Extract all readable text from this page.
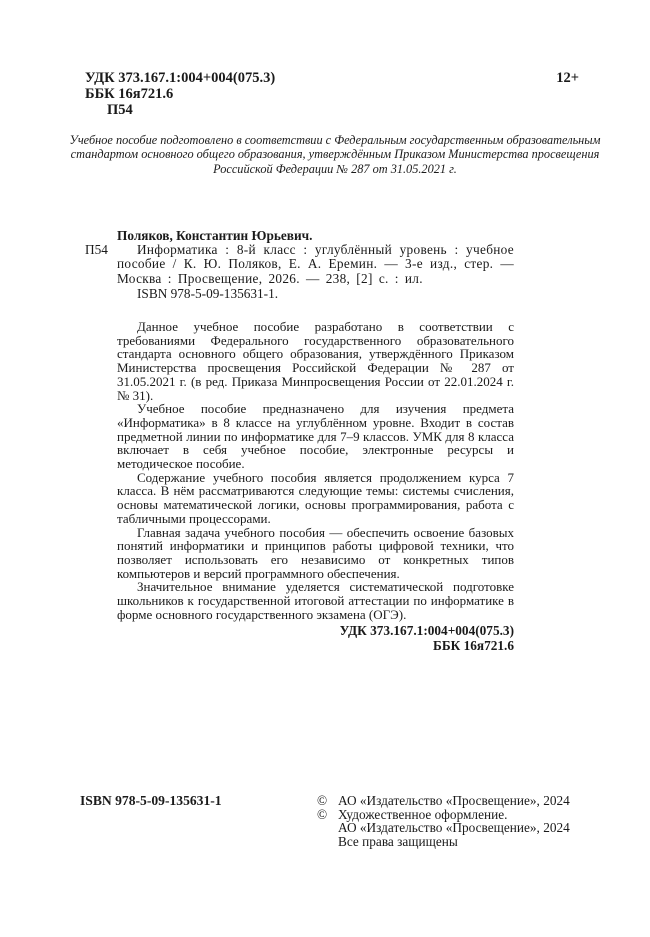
УДК 373.167.1:004+004(075.3)
ББК 16я721.6
П54
12+
Учебное пособие подготовлено в соответствии с Федеральным государственным образовательным стандартом основного общего образования, утверждённым Приказом Министерства просвещения Российской Федерации № 287 от 31.05.2021 г.
Поляков, Константин Юрьевич.
П54 Информатика : 8-й класс : углублённый уровень : учебное пособие / К. Ю. Поляков, Е. А. Еремин. — 3-е изд., стер. — Москва : Просвещение, 2026. — 238, [2] с. : ил.
ISBN 978-5-09-135631-1.

Данное учебное пособие разработано в соответствии с требованиями Федерального государственного образовательного стандарта основного общего образования, утверждённого Приказом Министерства просвещения Российской Федерации № 287 от 31.05.2021 г. (в ред. Приказа Минпросвещения России от 22.01.2024 г. № 31).

Учебное пособие предназначено для изучения предмета «Информатика» в 8 классе на углублённом уровне. Входит в состав предметной линии по информатике для 7–9 классов. УМК для 8 класса включает в себя учебное пособие, электронные ресурсы и методическое пособие.

Содержание учебного пособия является продолжением курса 7 класса. В нём рассматриваются следующие темы: системы счисления, основы математической логики, основы программирования, работа с табличными процессорами.

Главная задача учебного пособия — обеспечить освоение базовых понятий информатики и принципов работы цифровой техники, что позволяет использовать его независимо от конкретных типов компьютеров и версий программного обеспечения.

Значительное внимание уделяется систематической подготовке школьников к государственной итоговой аттестации по информатике в форме основного государственного экзамена (ОГЭ).

УДК 373.167.1:004+004(075.3)
ББК 16я721.6
ISBN 978-5-09-135631-1	© АО «Издательство «Просвещение», 2024
© Художественное оформление.
АО «Издательство «Просвещение», 2024
Все права защищены
